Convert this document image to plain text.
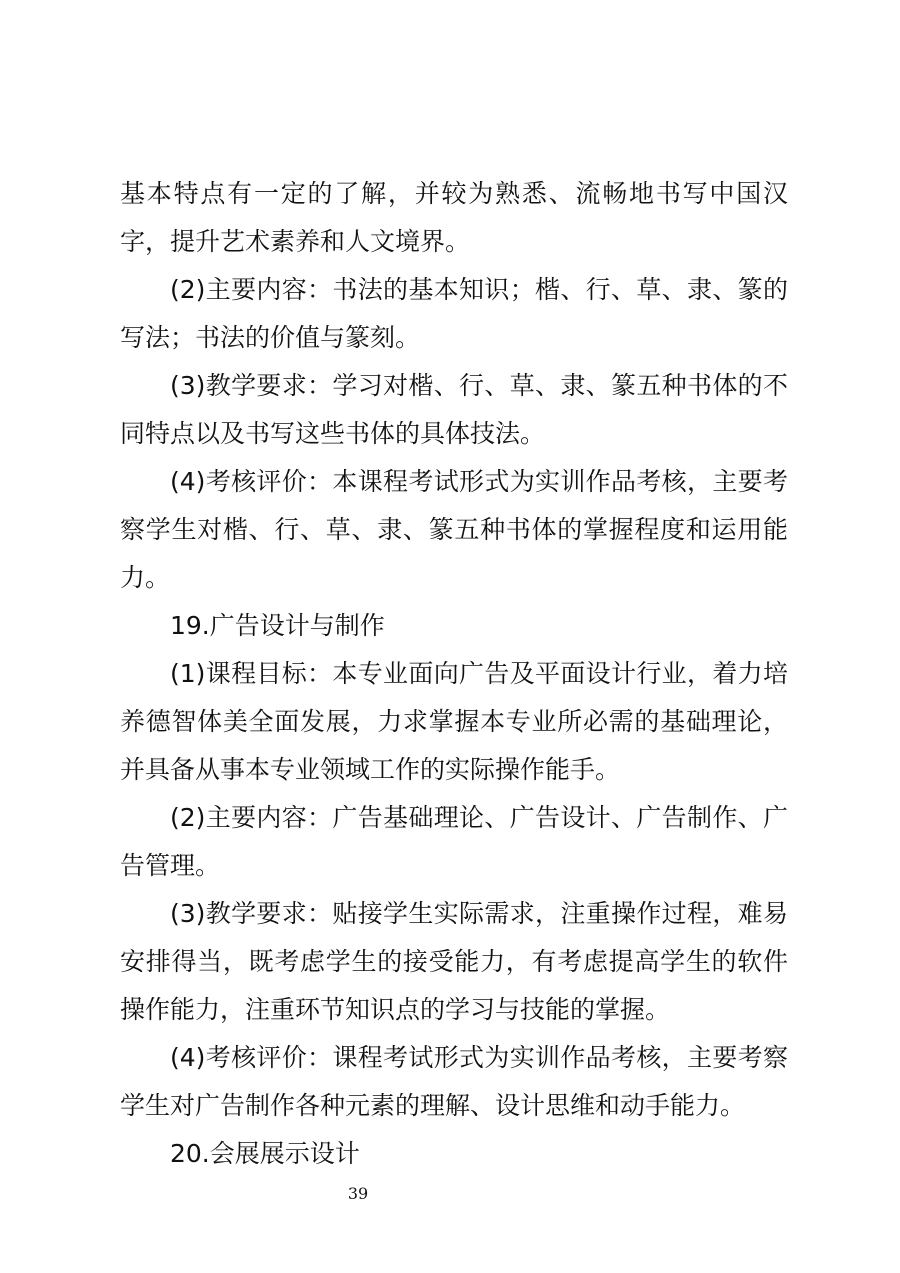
基本特点有一定的了解，并较为熟悉、流畅地书写中国汉字，提升艺术素养和人文境界。

(2)主要内容：书法的基本知识；楷、行、草、隶、篆的写法；书法的价值与篆刻。

(3)教学要求：学习对楷、行、草、隶、篆五种书体的不同特点以及书写这些书体的具体技法。

(4)考核评价：本课程考试形式为实训作品考核，主要考察学生对楷、行、草、隶、篆五种书体的掌握程度和运用能力。

19.广告设计与制作

(1)课程目标：本专业面向广告及平面设计行业，着力培养德智体美全面发展，力求掌握本专业所必需的基础理论，并具备从事本专业领域工作的实际操作能手。

(2)主要内容：广告基础理论、广告设计、广告制作、广告管理。

(3)教学要求：贴接学生实际需求，注重操作过程，难易安排得当，既考虑学生的接受能力，有考虑提高学生的软件操作能力，注重环节知识点的学习与技能的掌握。

(4)考核评价：课程考试形式为实训作品考核，主要考察学生对广告制作各种元素的理解、设计思维和动手能力。

20.会展展示设计

39
